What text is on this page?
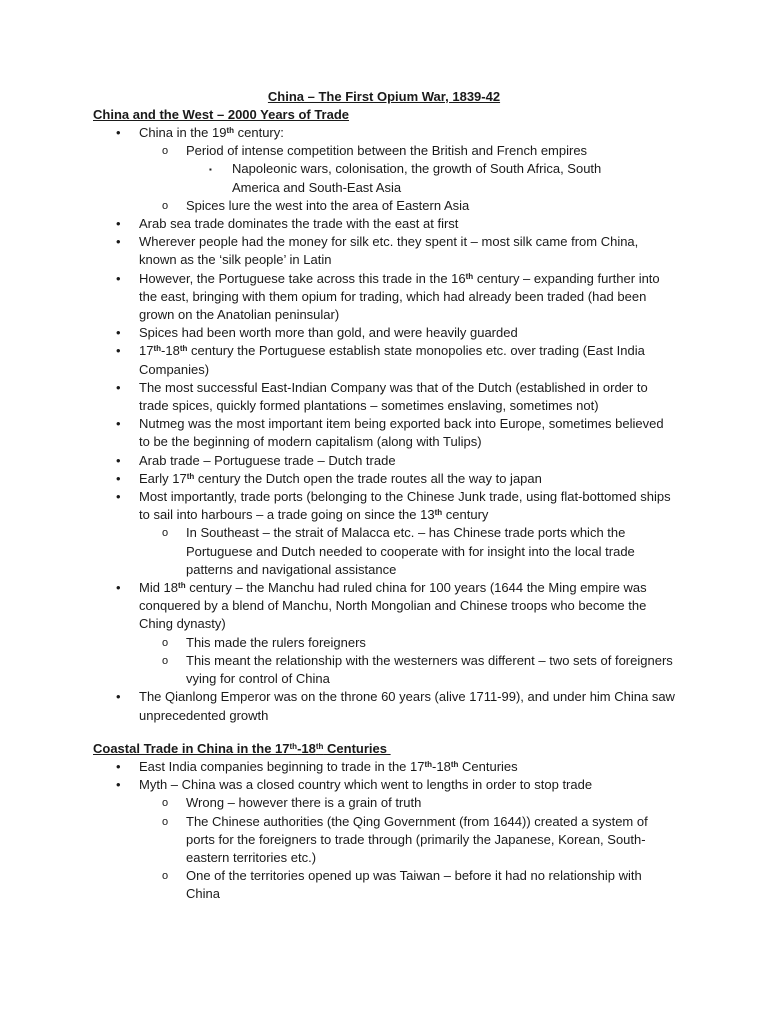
China – The First Opium War, 1839-42
China and the West – 2000 Years of Trade
• China in the 19th century:
o Period of intense competition between the British and French empires
▪ Napoleonic wars, colonisation, the growth of South Africa, South America and South-East Asia
o Spices lure the west into the area of Eastern Asia
• Arab sea trade dominates the trade with the east at first
• Wherever people had the money for silk etc. they spent it – most silk came from China, known as the ‘silk people’ in Latin
• However, the Portuguese take across this trade in the 16th century – expanding further into the east, bringing with them opium for trading, which had already been traded (had been grown on the Anatolian peninsular)
• Spices had been worth more than gold, and were heavily guarded
• 17th-18th century the Portuguese establish state monopolies etc. over trading (East India Companies)
• The most successful East-Indian Company was that of the Dutch (established in order to trade spices, quickly formed plantations – sometimes enslaving, sometimes not)
• Nutmeg was the most important item being exported back into Europe, sometimes believed to be the beginning of modern capitalism (along with Tulips)
• Arab trade – Portuguese trade – Dutch trade
• Early 17th century the Dutch open the trade routes all the way to japan
• Most importantly, trade ports (belonging to the Chinese Junk trade, using flat-bottomed ships to sail into harbours – a trade going on since the 13th century
o In Southeast – the strait of Malacca etc. – has Chinese trade ports which the Portuguese and Dutch needed to cooperate with for insight into the local trade patterns and navigational assistance
• Mid 18th century – the Manchu had ruled china for 100 years (1644 the Ming empire was conquered by a blend of Manchu, North Mongolian and Chinese troops who become the Ching dynasty)
o This made the rulers foreigners
o This meant the relationship with the westerners was different – two sets of foreigners vying for control of China
• The Qianlong Emperor was on the throne 60 years (alive 1711-99), and under him China saw unprecedented growth
Coastal Trade in China in the 17th-18th Centuries
• East India companies beginning to trade in the 17th-18th Centuries
• Myth – China was a closed country which went to lengths in order to stop trade
o Wrong – however there is a grain of truth
o The Chinese authorities (the Qing Government (from 1644)) created a system of ports for the foreigners to trade through (primarily the Japanese, Korean, South-eastern territories etc.)
o One of the territories opened up was Taiwan – before it had no relationship with China
